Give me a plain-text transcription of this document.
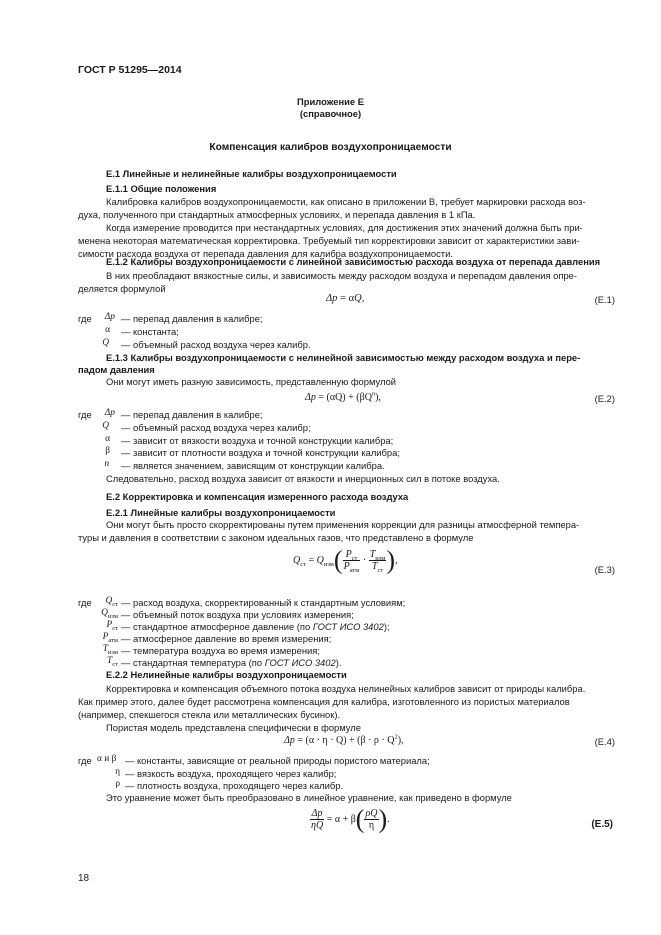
ГОСТ Р 51295—2014
Приложение Е
(справочное)
Компенсация калибров воздухопроницаемости
Е.1 Линейные и нелинейные калибры воздухопроницаемости
Е.1.1 Общие положения
Калибровка калибров воздухопроницаемости, как описано в приложении В, требует маркировки расхода воз-
духа, полученного при стандартных атмосферных условиях, и перепада давления в 1 кПа.
Когда измерение проводится при нестандартных условиях, для достижения этих значений должна быть при-
менена некоторая математическая корректировка. Требуемый тип корректировки зависит от характеристики зави-
симости расхода воздуха от перепада давления для калибра воздухопроницаемости.
Е.1.2 Калибры воздухопроницаемости с линейной зависимостью расхода воздуха от перепада давления
В них преобладают вязкостные силы, и зависимость между расходом воздуха и перепадом давления опре-
деляется формулой
Δp = αQ,	(Е.1)
где	Δp — перепад давления в калибре;
α — константа;
Q — объемный расход воздуха через калибр.
Е.1.3 Калибры воздухопроницаемости с нелинейной зависимостью между расходом воздуха и пере-
падом давления
Они могут иметь разную зависимость, представленную формулой
$\Delta p = (\alpha Q) + (\beta Q^n)$,	(Е.2)
где	Δp — перепад давления в калибре;
Q — объемный расход воздуха через калибр;
α — зависит от вязкости воздуха и точной конструкции калибра;
β — зависит от плотности воздуха и точной конструкции калибра;
n — является значением, зависящим от конструкции калибра.
Следовательно, расход воздуха зависит от вязкости и инерционных сил в потоке воздуха.
Е.2 Корректировка и компенсация измеренного расхода воздуха
Е.2.1 Линейные калибры воздухопроницаемости
Они могут быть просто скорректированы путем применения коррекции для разницы атмосферной темпера-
туры и давления в соответствии с законом идеальных газов, что представлено в формуле
$Q_{ст} = Q_{изм}( \frac{P_{ст}}{P_{атм}} \cdot \frac{T_{изм}}{T_{ст}}$ ),
(Е.3)
где	$Q_{ст}$ — расход воздуха, скорректированный к стандартным условиям;
$Q_{изм}$ — объемный поток воздуха при условиях измерения;
$P_{ст}$ — стандартное атмосферное давление (по ГОСТ ИСО 3402);
$P_{атм}$ — атмосферное давление во время измерения;
$T_{изм}$ — температура воздуха во время измерения;
$T_{ст}$ — стандартная температура (по ГОСТ ИСО 3402).
Е.2.2 Нелинейные калибры воздухопроницаемости
Корректировка и компенсация объемного потока воздуха нелинейных калибров зависит от природы калибра.
Как пример этого, далее будет рассмотрена компенсация для калибра, изготовленного из пористых материалов
(например, спекшегося стекла или металлических бусинок).
Пористая модель представлена специфически в формуле
$\Delta p = (\alpha \cdot \eta \cdot Q) + (\beta \cdot \rho \cdot Q^2)$,	(Е.4)
где α и β — константы, зависящие от реальной природы пористого материала;
η — вязкость воздуха, проходящего через калибр;
ρ — плотность воздуха, проходящего через калибр.
Это уравнение может быть преобразовано в линейное уравнение, как приведено в формуле
$\frac{\Delta p}{\eta Q} = \alpha + \beta( \frac{\rho Q}{\eta}$ ).	(Е.5)
18
